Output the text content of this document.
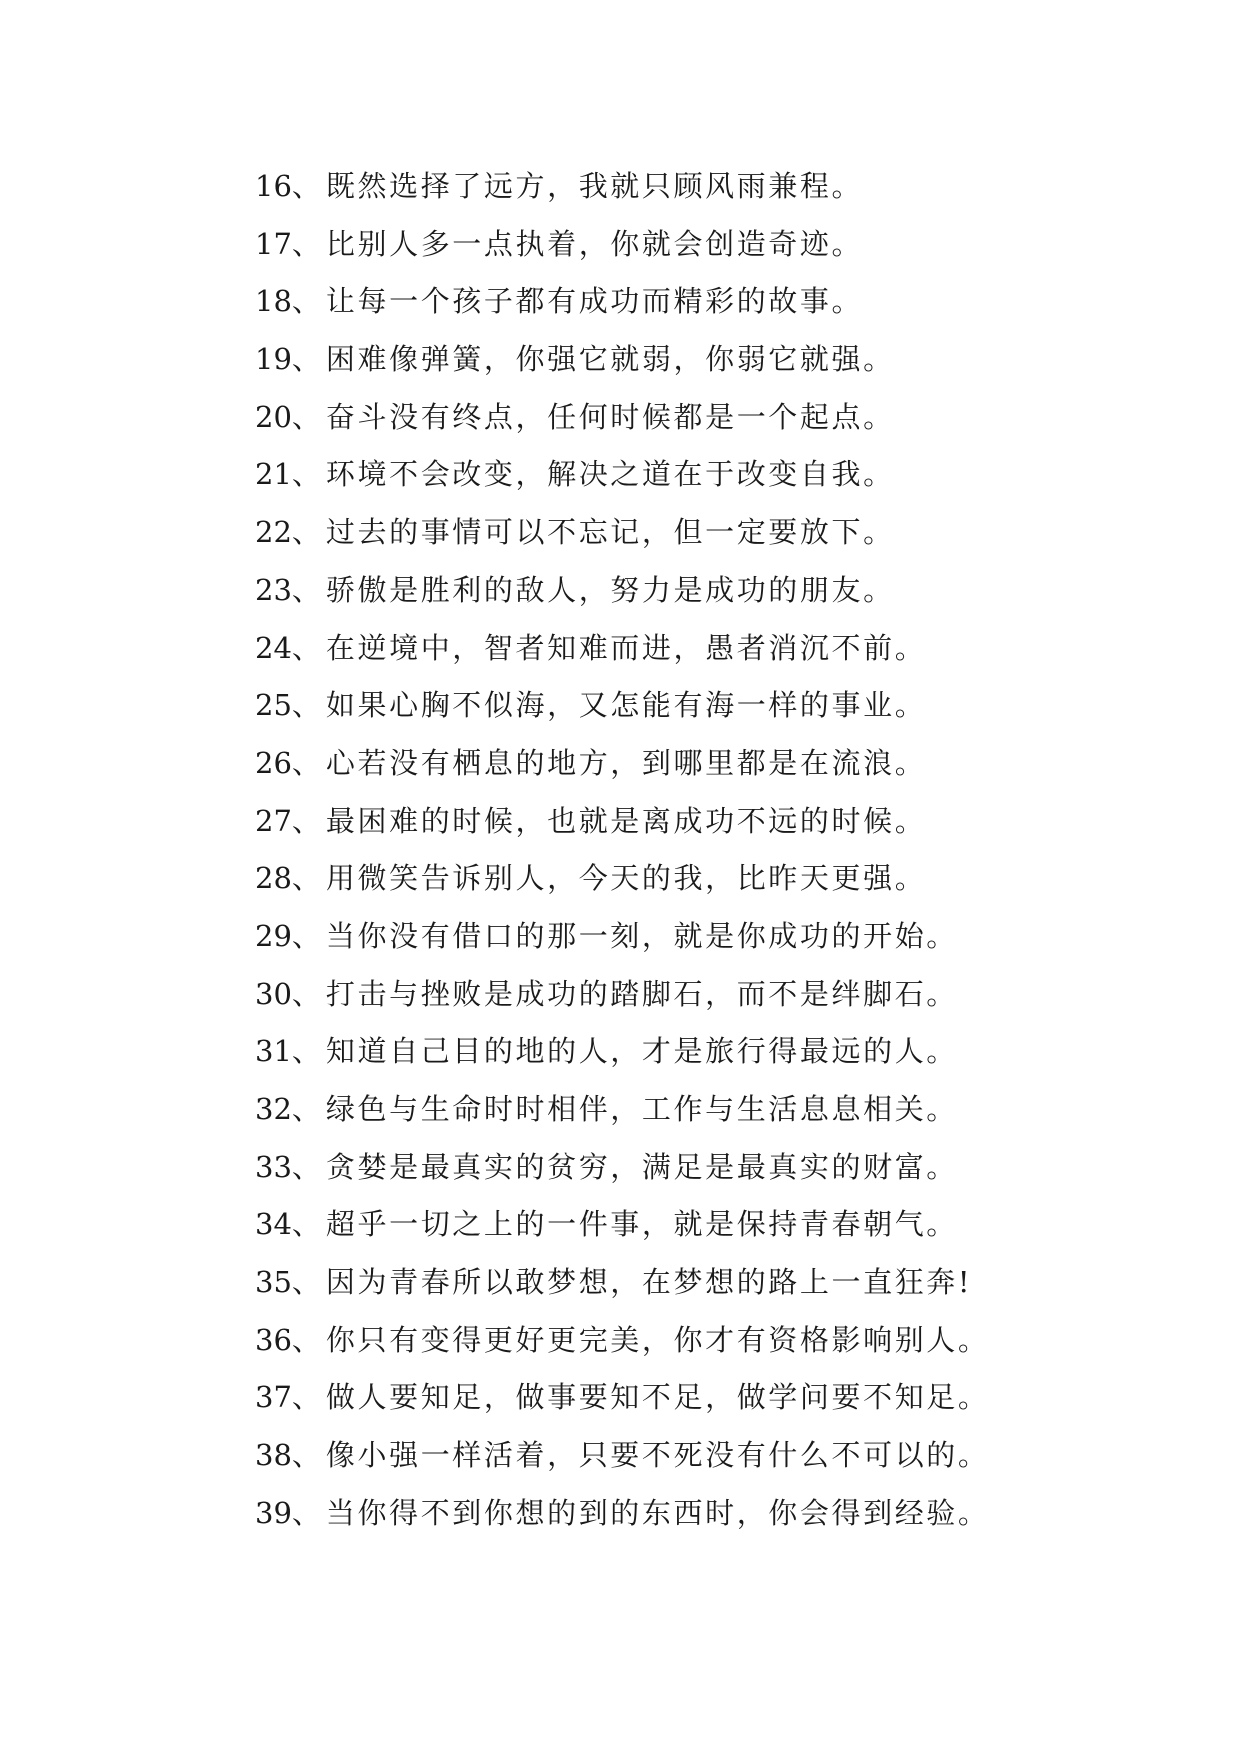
16、既然选择了远方，我就只顾风雨兼程。
17、比别人多一点执着，你就会创造奇迹。
18、让每一个孩子都有成功而精彩的故事。
19、困难像弹簧，你强它就弱，你弱它就强。
20、奋斗没有终点，任何时候都是一个起点。
21、环境不会改变，解决之道在于改变自我。
22、过去的事情可以不忘记，但一定要放下。
23、骄傲是胜利的敌人，努力是成功的朋友。
24、在逆境中，智者知难而进，愚者消沉不前。
25、如果心胸不似海，又怎能有海一样的事业。
26、心若没有栖息的地方，到哪里都是在流浪。
27、最困难的时候，也就是离成功不远的时候。
28、用微笑告诉别人，今天的我，比昨天更强。
29、当你没有借口的那一刻，就是你成功的开始。
30、打击与挫败是成功的踏脚石，而不是绊脚石。
31、知道自己目的地的人，才是旅行得最远的人。
32、绿色与生命时时相伴，工作与生活息息相关。
33、贪婪是最真实的贫穷，满足是最真实的财富。
34、超乎一切之上的一件事，就是保持青春朝气。
35、因为青春所以敢梦想，在梦想的路上一直狂奔!
36、你只有变得更好更完美，你才有资格影响别人。
37、做人要知足，做事要知不足，做学问要不知足。
38、像小强一样活着，只要不死没有什么不可以的。
39、当你得不到你想的到的东西时，你会得到经验。
